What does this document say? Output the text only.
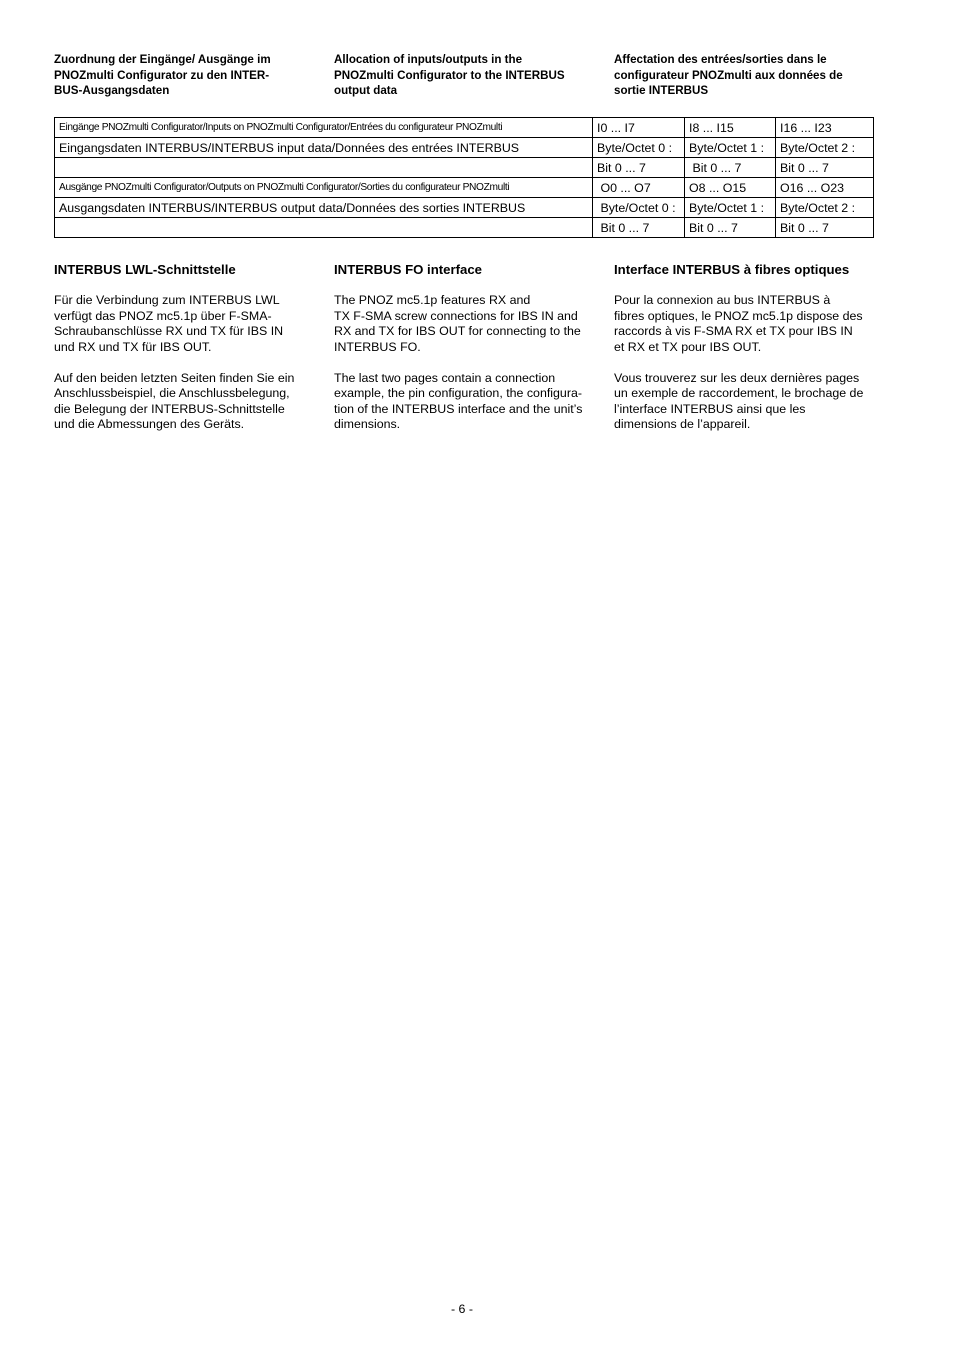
Zuordnung der Eingänge/ Ausgänge im
PNOZmulti Configurator zu den INTER-
BUS-Ausgangsdaten
Allocation of inputs/outputs in the
PNOZmulti Configurator to the INTERBUS
output data
Affectation des entrées/sorties dans le
configurateur PNOZmulti aux données de
sortie INTERBUS
Eingänge PNOZmulti Configurator/Inputs on PNOZmulti Configurator/Entrées du configurateur PNOZmulti	I0 ... I7	I8 ... I15	I16 ... I23
Eingangsdaten INTERBUS/INTERBUS input data/Données des entrées INTERBUS	Byte/Octet 0 :	Byte/Octet 1 :	Byte/Octet 2 :
	Bit 0 ... 7	Bit 0 ... 7	Bit 0 ... 7
Ausgänge PNOZmulti Configurator/Outputs on PNOZmulti Configurator/Sorties du configurateur PNOZmulti	O0 ... O7	O8 ... O15	O16 ... O23
Ausgangsdaten INTERBUS/INTERBUS output data/Données des sorties INTERBUS	Byte/Octet 0 :	Byte/Octet 1 :	Byte/Octet 2 :
	Bit 0 ... 7	Bit 0 ... 7	Bit 0 ... 7
INTERBUS LWL-Schnittstelle

Für die Verbindung zum INTERBUS LWL
verfügt das PNOZ mc5.1p über F-SMA-
Schraubanschlüsse RX und TX für IBS IN
und RX und TX für IBS OUT.

Auf den beiden letzten Seiten finden Sie ein
Anschlussbeispiel, die Anschlussbelegung,
die Belegung der INTERBUS-Schnittstelle
und die Abmessungen des Geräts.

INTERBUS FO interface

The PNOZ mc5.1p features RX and
TX F-SMA screw connections for IBS IN and
RX and TX for IBS OUT for connecting to the
INTERBUS FO.

The last two pages contain a connection
example, the pin configuration, the configura-
tion of the INTERBUS interface and the unit’s
dimensions.

Interface INTERBUS à fibres optiques

Pour la connexion au bus INTERBUS à
fibres optiques, le PNOZ mc5.1p dispose des
raccords à vis F-SMA RX et TX pour IBS IN
et RX et TX pour IBS OUT.

Vous trouverez sur les deux dernières pages
un exemple de raccordement, le brochage de
l’interface INTERBUS ainsi que les
dimensions de l’appareil.

- 6 -
